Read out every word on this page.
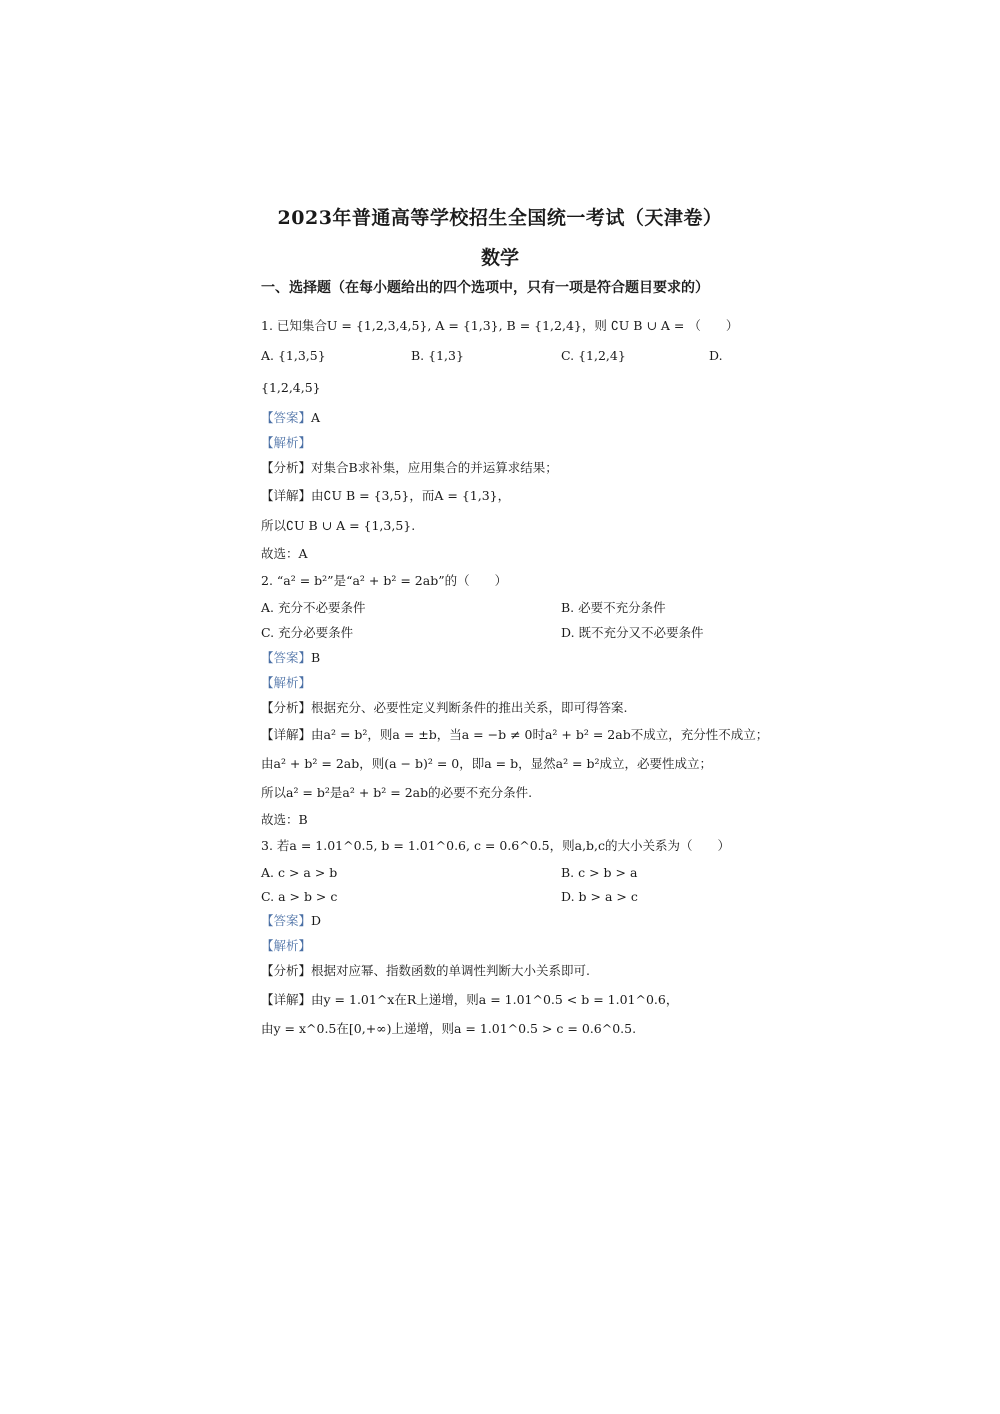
2023年普通高等学校招生全国统一考试（天津卷）
数学
一、选择题（在每小题给出的四个选项中，只有一项是符合题目要求的）
1. 已知集合U = {1,2,3,4,5}, A = {1,3}, B = {1,2,4}，则 ∁U B ∪ A = （　　）
A. {1,3,5}	B. {1,3}	C. {1,2,4}	D.
{1,2,4,5}
【答案】A
【解析】
【分析】对集合B求补集，应用集合的并运算求结果；
【详解】由∁U B = {3,5}，而A = {1,3}，
所以∁U B ∪ A = {1,3,5}.
故选：A
2. “a² = b²”是“a² + b² = 2ab”的（　　）
A. 充分不必要条件	B. 必要不充分条件
C. 充分必要条件	D. 既不充分又不必要条件
【答案】B
【解析】
【分析】根据充分、必要性定义判断条件的推出关系，即可得答案.
【详解】由a² = b²，则a = ±b，当a = −b ≠ 0时a² + b² = 2ab不成立，充分性不成立；
由a² + b² = 2ab，则(a − b)² = 0，即a = b，显然a² = b²成立，必要性成立；
所以a² = b²是a² + b² = 2ab的必要不充分条件.
故选：B
3. 若a = 1.01^0.5, b = 1.01^0.6, c = 0.6^0.5，则a,b,c的大小关系为（　　）
A. c > a > b	B. c > b > a
C. a > b > c	D. b > a > c
【答案】D
【解析】
【分析】根据对应幂、指数函数的单调性判断大小关系即可.
【详解】由y = 1.01^x在R上递增，则a = 1.01^0.5 < b = 1.01^0.6，
由y = x^0.5在[0,+∞)上递增，则a = 1.01^0.5 > c = 0.6^0.5.
